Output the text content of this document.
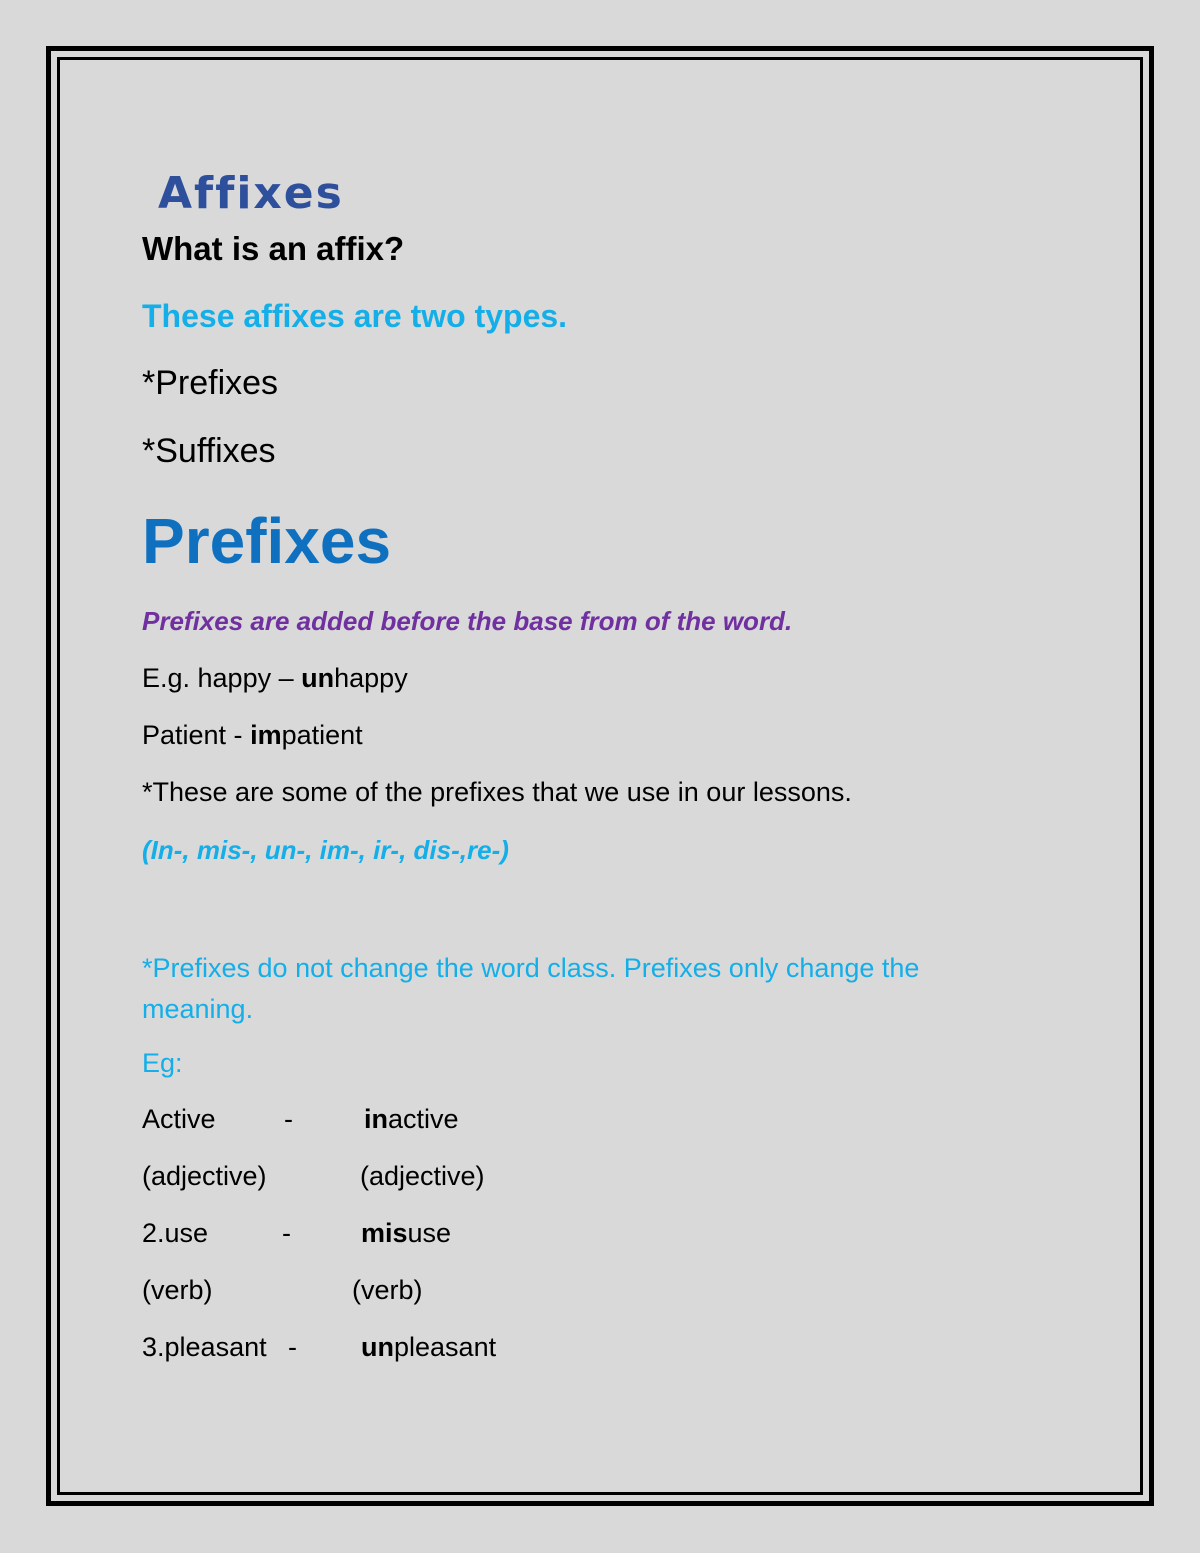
Affixes
What is an affix?
These affixes are two types.
*Prefixes
*Suffixes
Prefixes
Prefixes are added before the base from of the word.
E.g. happy – unhappy
Patient - impatient
*These are some of the prefixes that we use in our lessons.
(In-, mis-, un-, im-, ir-, dis-,re-)
*Prefixes do not change the word class. Prefixes only change the meaning.
Eg:
Active	-	inactive
(adjective)	(adjective)
2.use	-	misuse
(verb)	(verb)
3.pleasant - unpleasant
